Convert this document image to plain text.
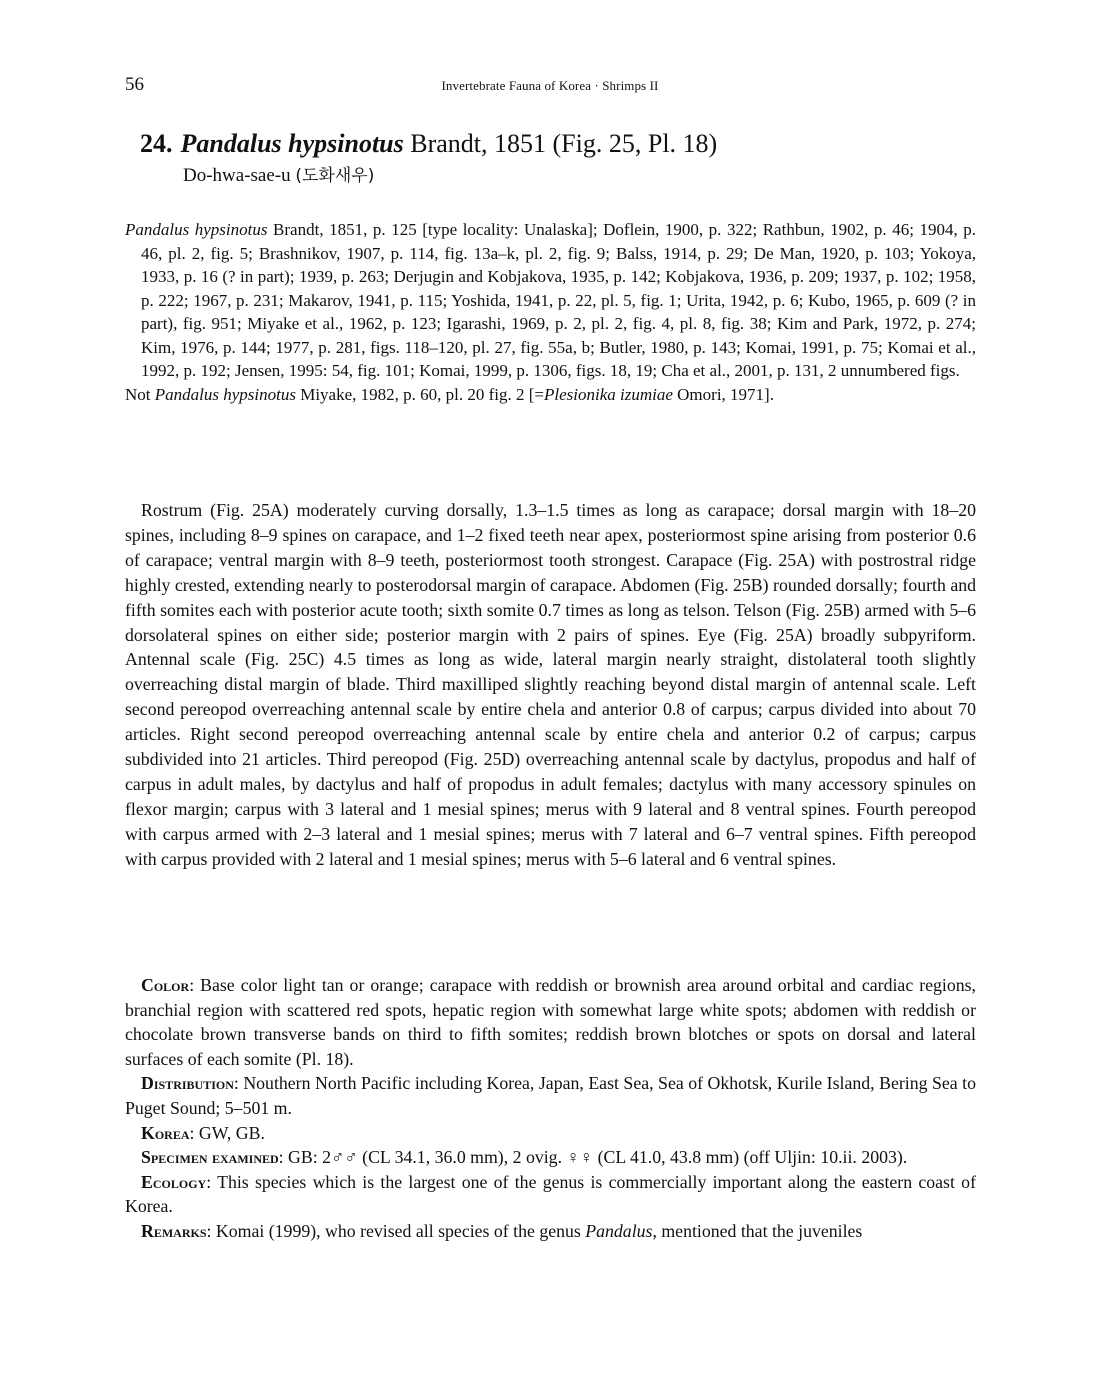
56	Invertebrate Fauna of Korea · Shrimps II
24. Pandalus hypsinotus Brandt, 1851 (Fig. 25, Pl. 18)
Do-hwa-sae-u (도화새우)

Pandalus hypsinotus Brandt, 1851, p. 125 [type locality: Unalaska]; Doflein, 1900, p. 322; Rathbun, 1902, p. 46; 1904, p. 46, pl. 2, fig. 5; Brashnikov, 1907, p. 114, fig. 13a–k, pl. 2, fig. 9; Balss, 1914, p. 29; De Man, 1920, p. 103; Yokoya, 1933, p. 16 (? in part); 1939, p. 263; Derjugin and Kobjakova, 1935, p. 142; Kobjakova, 1936, p. 209; 1937, p. 102; 1958, p. 222; 1967, p. 231; Makarov, 1941, p. 115; Yoshida, 1941, p. 22, pl. 5, fig. 1; Urita, 1942, p. 6; Kubo, 1965, p. 609 (? in part), fig. 951; Miyake et al., 1962, p. 123; Igarashi, 1969, p. 2, pl. 2, fig. 4, pl. 8, fig. 38; Kim and Park, 1972, p. 274; Kim, 1976, p. 144; 1977, p. 281, figs. 118–120, pl. 27, fig. 55a, b; Butler, 1980, p. 143; Komai, 1991, p. 75; Komai et al., 1992, p. 192; Jensen, 1995: 54, fig. 101; Komai, 1999, p. 1306, figs. 18, 19; Cha et al., 2001, p. 131, 2 unnumbered figs.

Not Pandalus hypsinotus Miyake, 1982, p. 60, pl. 20 fig. 2 [=Plesionika izumiae Omori, 1971].

Rostrum (Fig. 25A) moderately curving dorsally, 1.3–1.5 times as long as carapace; dorsal margin with 18–20 spines, including 8–9 spines on carapace, and 1–2 fixed teeth near apex, posteriormost spine arising from posterior 0.6 of carapace; ventral margin with 8–9 teeth, posteriormost tooth strongest. Carapace (Fig. 25A) with postrostral ridge highly crested, extending nearly to posterodorsal margin of carapace. Abdomen (Fig. 25B) rounded dorsally; fourth and fifth somites each with posterior acute tooth; sixth somite 0.7 times as long as telson. Telson (Fig. 25B) armed with 5–6 dorsolateral spines on either side; posterior margin with 2 pairs of spines. Eye (Fig. 25A) broadly subpyriform. Antennal scale (Fig. 25C) 4.5 times as long as wide, lateral margin nearly straight, distolateral tooth slightly overreaching distal margin of blade. Third maxilliped slightly reaching beyond distal margin of antennal scale. Left second pereopod overreaching antennal scale by entire chela and anterior 0.8 of carpus; carpus divided into about 70 articles. Right second pereopod overreaching antennal scale by entire chela and anterior 0.2 of carpus; carpus subdivided into 21 articles. Third pereopod (Fig. 25D) overreaching antennal scale by dactylus, propodus and half of carpus in adult males, by dactylus and half of propodus in adult females; dactylus with many accessory spinules on flexor margin; carpus with 3 lateral and 1 mesial spines; merus with 9 lateral and 8 ventral spines. Fourth pereopod with carpus armed with 2–3 lateral and 1 mesial spines; merus with 7 lateral and 6–7 ventral spines. Fifth pereopod with carpus provided with 2 lateral and 1 mesial spines; merus with 5–6 lateral and 6 ventral spines.

Color: Base color light tan or orange; carapace with reddish or brownish area around orbital and cardiac regions, branchial region with scattered red spots, hepatic region with somewhat large white spots; abdomen with reddish or chocolate brown transverse bands on third to fifth somites; reddish brown blotches or spots on dorsal and lateral surfaces of each somite (Pl. 18).

Distribution: Nouthern North Pacific including Korea, Japan, East Sea, Sea of Okhotsk, Kurile Island, Bering Sea to Puget Sound; 5–501 m.

Korea: GW, GB.

Specimen examined: GB: 2♂♂ (CL 34.1, 36.0 mm), 2 ovig. ♀♀ (CL 41.0, 43.8 mm) (off Uljin: 10.ii. 2003).

Ecology: This species which is the largest one of the genus is commercially important along the eastern coast of Korea.

Remarks: Komai (1999), who revised all species of the genus Pandalus, mentioned that the juveniles
